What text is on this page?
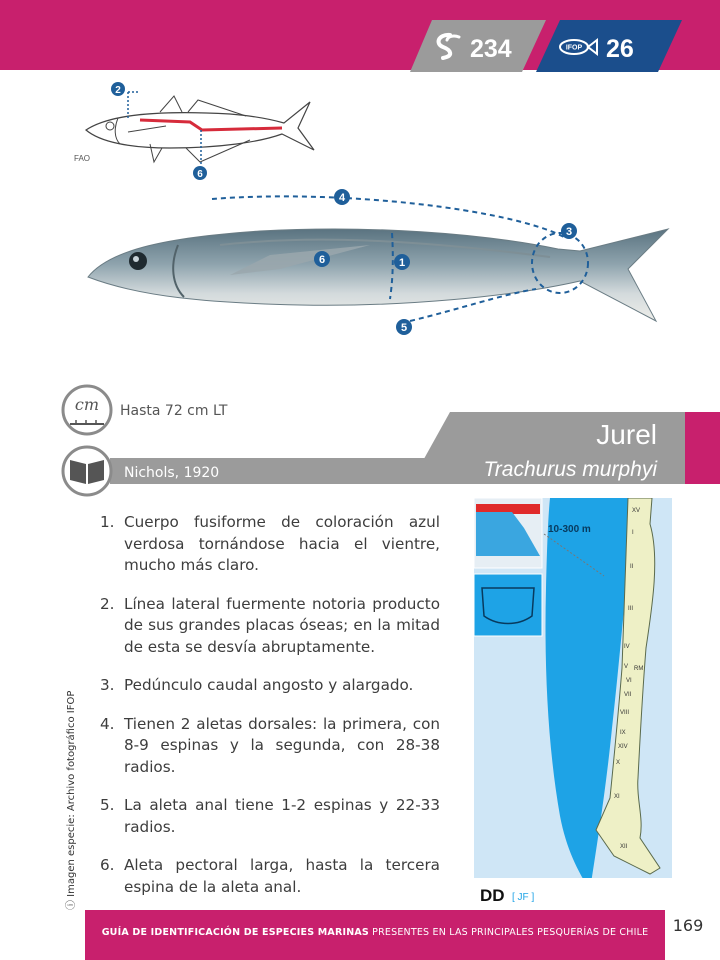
234	IFOP 26
2
6
FAO
4
3
6	1
5
cm Hasta 72 cm LT
Nichols, 1920
Jurel
Trachurus murphyi
1. Cuerpo fusiforme de coloración azul verdosa tornándose hacia el vientre, mucho más claro.
2. Línea lateral fuermente notoria producto de sus grandes placas óseas; en la mitad de esta se desvía abruptamente.
3. Pedúnculo caudal angosto y alargado.
4. Tienen 2 aletas dorsales: la primera, con 8-9 espinas y la segunda, con 28-38 radios.
5. La aleta anal tiene 1-2 espinas y 22-33 radios.
6. Aleta pectoral larga, hasta la tercera espina de la aleta anal.
10-300 m
XV
I
II
III
IV
V RM
VI
VII
VIII
IX
XIV
X
XI
XII
DD [ JF ]
ⓘ Imagen especie: Archivo fotográfico IFOP
GUÍA DE IDENTIFICACIÓN DE ESPECIES MARINAS PRESENTES EN LAS PRINCIPALES PESQUERÍAS DE CHILE	169
